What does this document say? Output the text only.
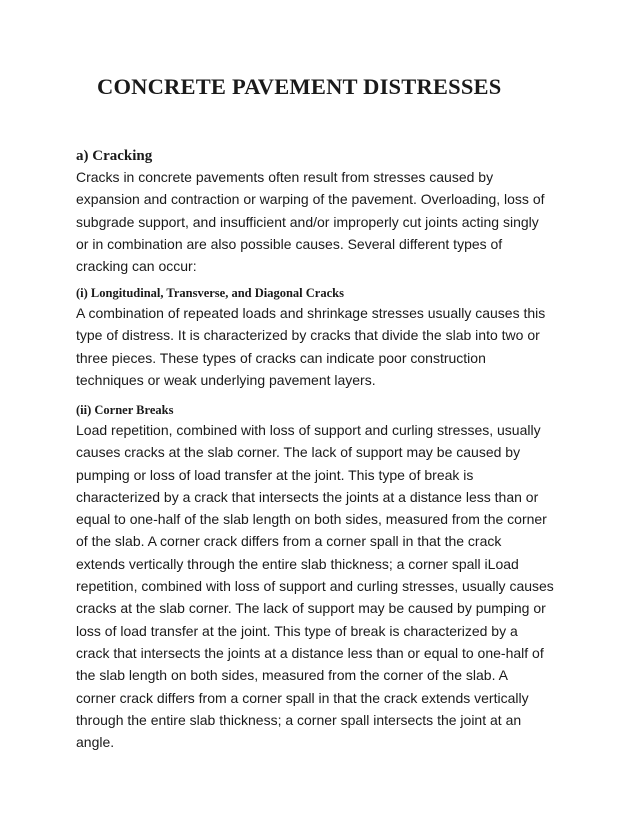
CONCRETE PAVEMENT DISTRESSES
a) Cracking

Cracks in concrete pavements often result from stresses caused by
expansion and contraction or warping of the pavement. Overloading, loss of
subgrade support, and insufficient and/or improperly cut joints acting singly
or in combination are also possible causes. Several different types of
cracking can occur:

(i) Longitudinal, Transverse, and Diagonal Cracks

A combination of repeated loads and shrinkage stresses usually causes this
type of distress. It is characterized by cracks that divide the slab into two or
three pieces. These types of cracks can indicate poor construction
techniques or weak underlying pavement layers.

(ii) Corner Breaks

Load repetition, combined with loss of support and curling stresses, usually
causes cracks at the slab corner. The lack of support may be caused by
pumping or loss of load transfer at the joint. This type of break is
characterized by a crack that intersects the joints at a distance less than or
equal to one-half of the slab length on both sides, measured from the corner
of the slab. A corner crack differs from a corner spall in that the crack
extends vertically through the entire slab thickness; a corner spall iLoad
repetition, combined with loss of support and curling stresses, usually causes
cracks at the slab corner. The lack of support may be caused by pumping or
loss of load transfer at the joint. This type of break is characterized by a
crack that intersects the joints at a distance less than or equal to one-half of
the slab length on both sides, measured from the corner of the slab. A
corner crack differs from a corner spall in that the crack extends vertically
through the entire slab thickness; a corner spall intersects the joint at an
angle.
